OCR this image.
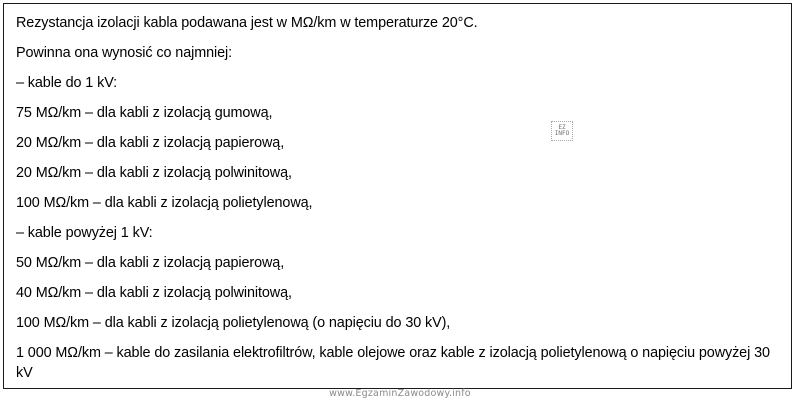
Rezystancja izolacji kabla podawana jest w MΩ/km w temperaturze 20°C.
Powinna ona wynosić co najmniej:
– kable do 1 kV:
75 MΩ/km – dla kabli z izolacją gumową,
20 MΩ/km – dla kabli z izolacją papierową,
20 MΩ/km – dla kabli z izolacją polwinitową,
100 MΩ/km – dla kabli z izolacją polietylenową,
– kable powyżej 1 kV:
50 MΩ/km – dla kabli z izolacją papierową,
40 MΩ/km – dla kabli z izolacją polwinitową,
100 MΩ/km – dla kabli z izolacją polietylenową (o napięciu do 30 kV),
1 000 MΩ/km – kable do zasilania elektrofiltrów, kable olejowe oraz kable z izolacją polietylenową o napięciu powyżej 30 kV
EZ
INFO
www.EgzaminZawodowy.info
